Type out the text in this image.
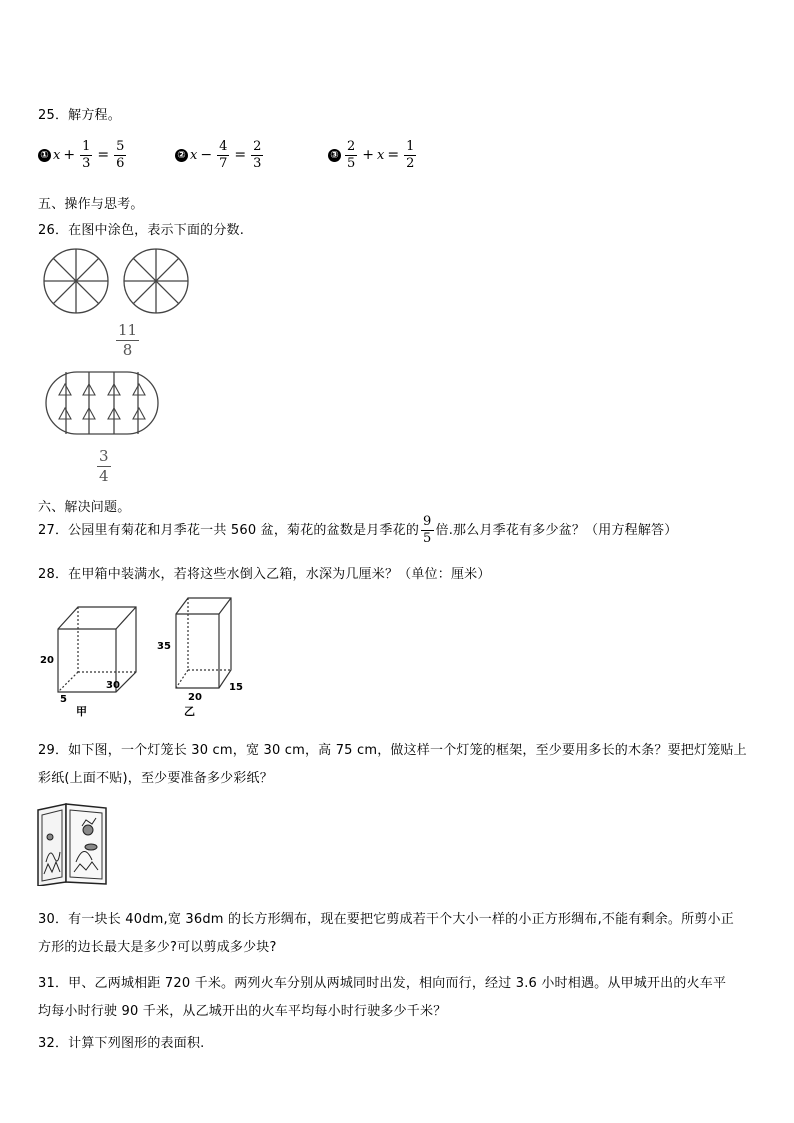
25．解方程。
① $x + \frac{1}{3} = \frac{5}{6}$	② $x - \frac{4}{7} = \frac{2}{3}$	③ $\frac{2}{5} + x = \frac{1}{2}$
五、操作与思考。
26．在图中涂色，表示下面的分数.
$\frac{11}{8}$
$\frac{3}{4}$
六、解决问题。
27．公园里有菊花和月季花一共 560 盆，菊花的盆数是月季花的 $\frac{9}{5}$ 倍.那么月季花有多少盆？（用方程解答）
28．在甲箱中装满水，若将这些水倒入乙箱，水深为几厘米？（单位：厘米）
20
5
30
甲
35
20
15
乙
29．如下图，一个灯笼长 30 cm，宽 30 cm，高 75 cm，做这样一个灯笼的框架，至少要用多长的木条？要把灯笼贴上
彩纸(上面不贴)，至少要准备多少彩纸？
30．有一块长 40dm,宽 36dm 的长方形绸布，现在要把它剪成若干个大小一样的小正方形绸布,不能有剩余。所剪小正
方形的边长最大是多少?可以剪成多少块?
31．甲、乙两城相距 720 千米。两列火车分别从两城同时出发，相向而行，经过 3.6 小时相遇。从甲城开出的火车平
均每小时行驶 90 千米，从乙城开出的火车平均每小时行驶多少千米？
32．计算下列图形的表面积.
